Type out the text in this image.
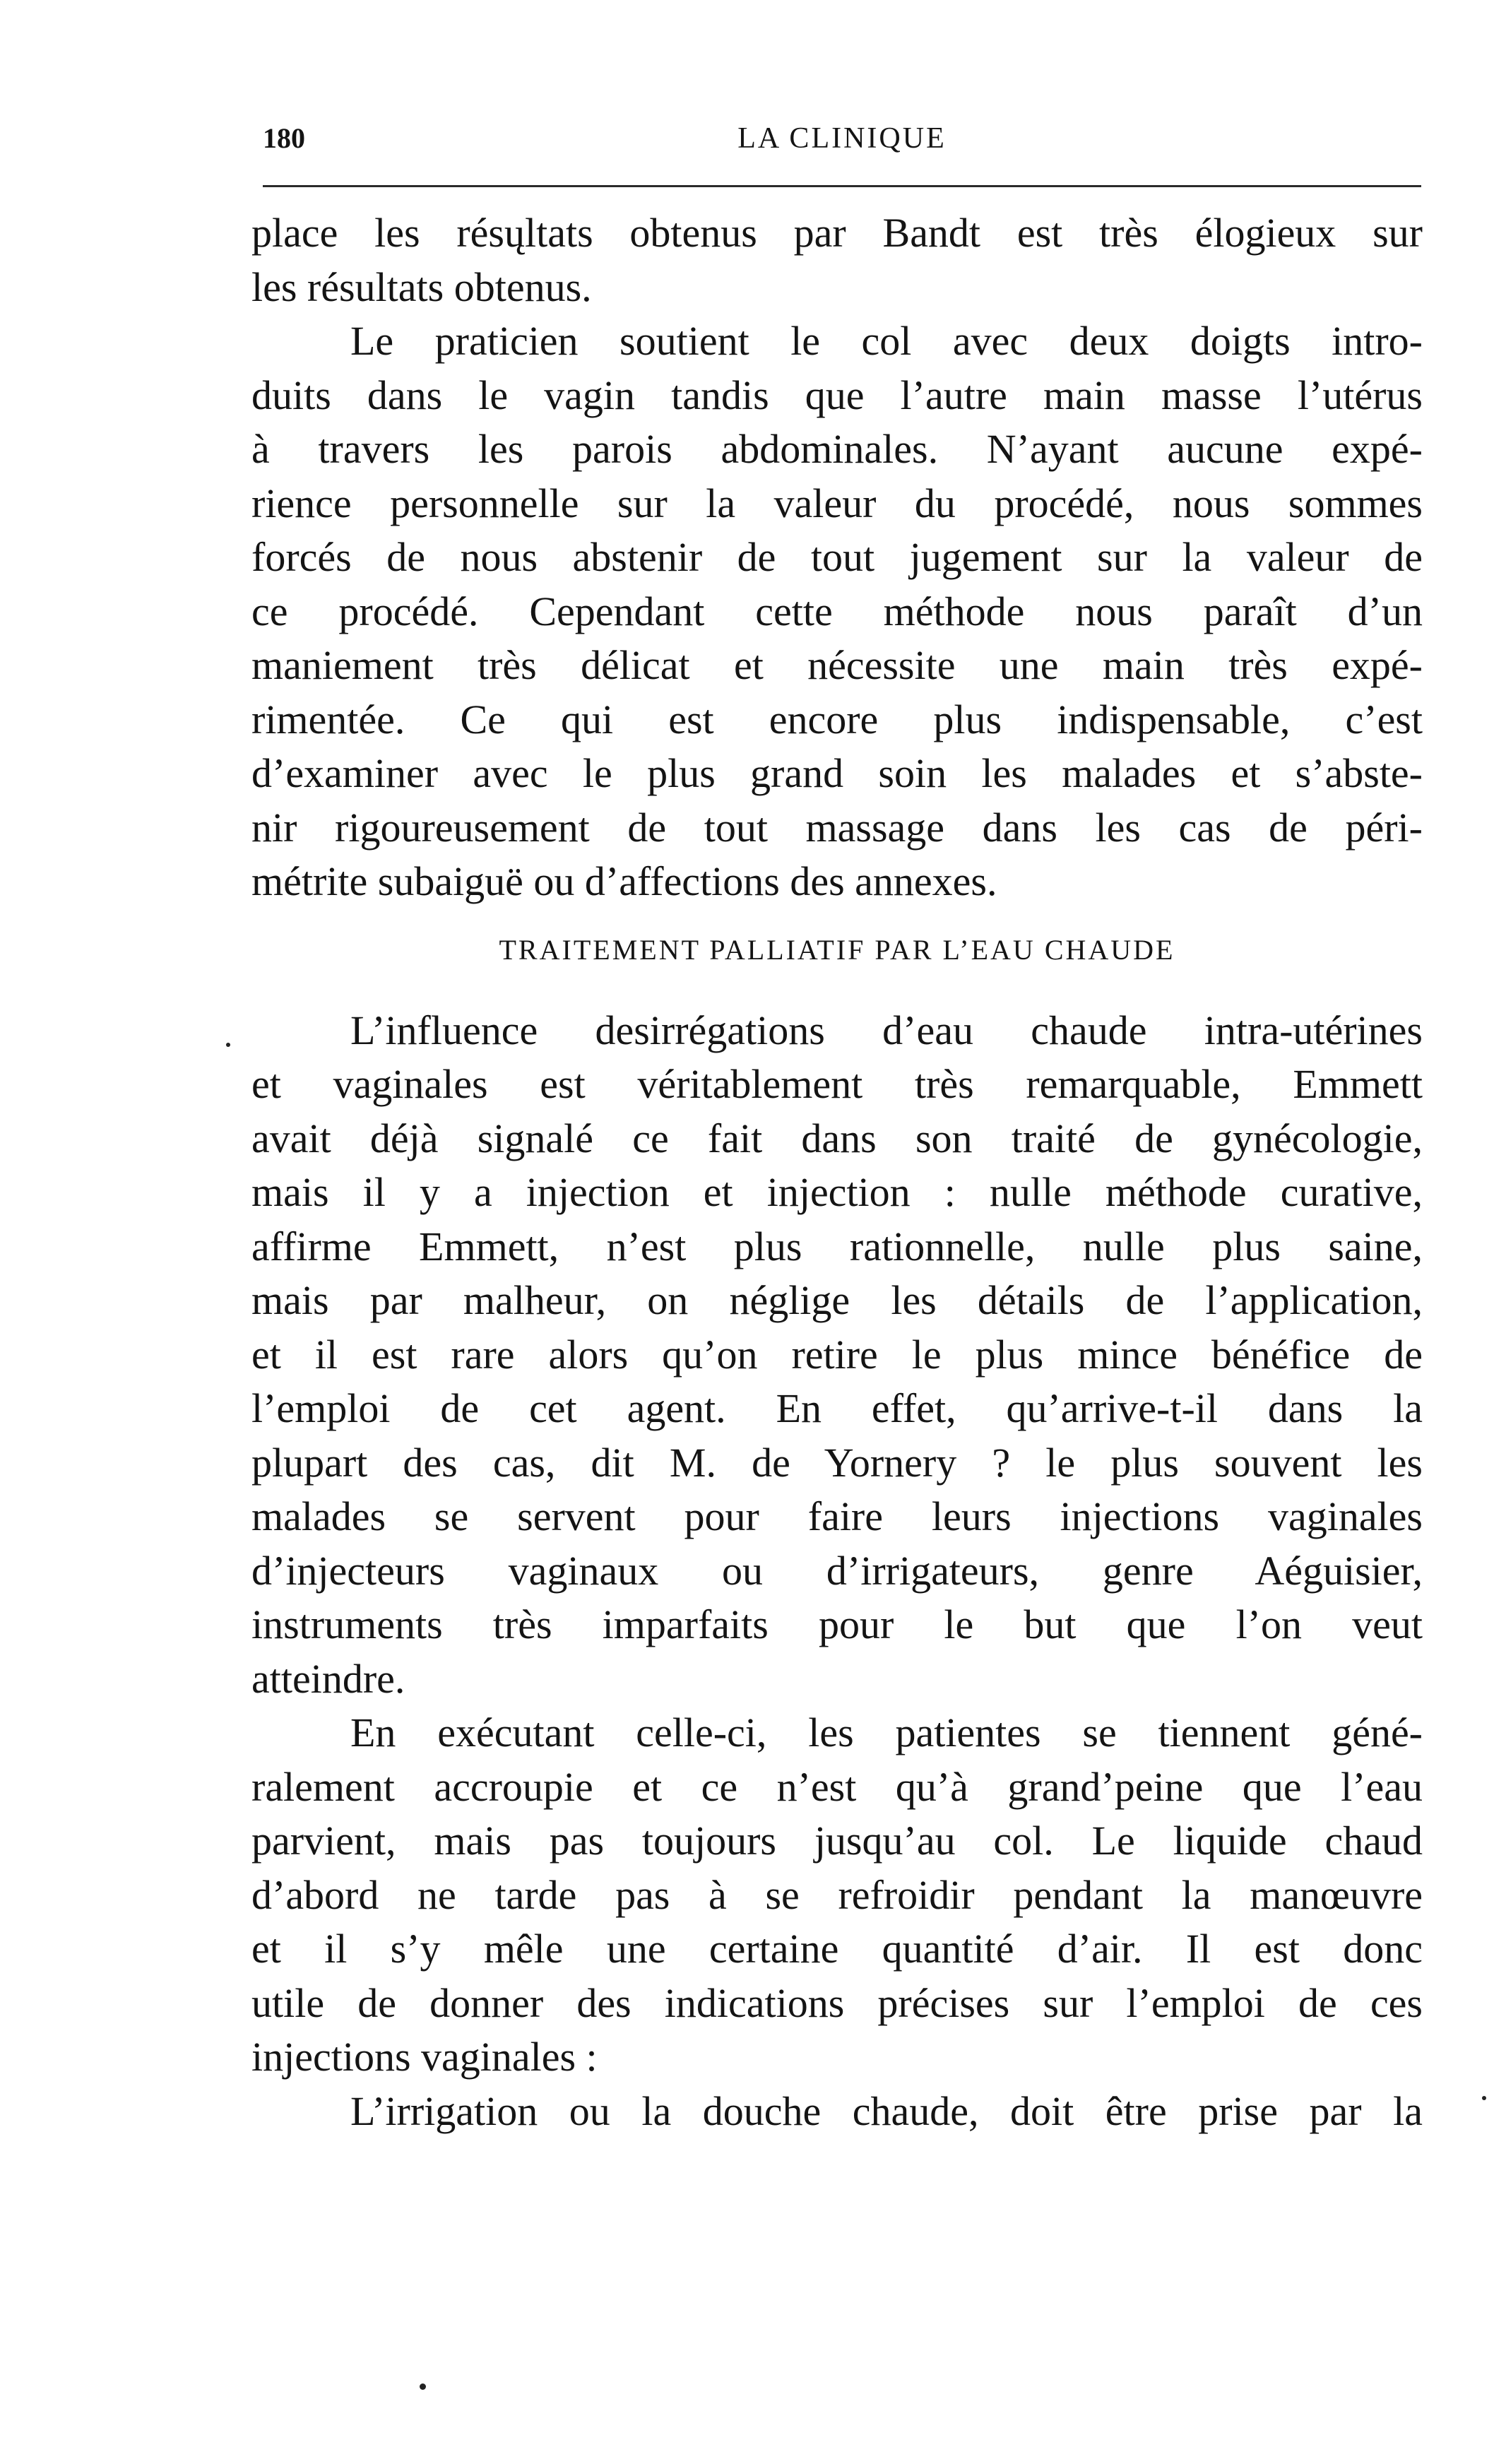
180	LA CLINIQUE
place les résųltats obtenus par Bandt est très élogieux sur
les résultats obtenus.
Le praticien soutient le col avec deux doigts intro-
duits dans le vagin tandis que l’autre main masse l’utérus
à travers les parois abdominales. N’ayant aucune expé-
rience personnelle sur la valeur du procédé, nous sommes
forcés de nous abstenir de tout jugement sur la valeur de
ce procédé. Cependant cette méthode nous paraît d’un
maniement très délicat et nécessite une main très expé-
rimentée. Ce qui est encore plus indispensable, c’est
d’examiner avec le plus grand soin les malades et s’abste-
nir rigoureusement de tout massage dans les cas de péri-
métrite subaiguë ou d’affections des annexes.
TRAITEMENT PALLIATIF PAR L’EAU CHAUDE
L’influence desirrégations d’eau chaude intra-utérines
et vaginales est véritablement très remarquable, Emmett
avait déjà signalé ce fait dans son traité de gynécologie,
mais il y a injection et injection : nulle méthode curative,
affirme Emmett, n’est plus rationnelle, nulle plus saine,
mais par malheur, on néglige les détails de l’application,
et il est rare alors qu’on retire le plus mince bénéfice de
l’emploi de cet agent. En effet, qu’arrive-t-il dans la
plupart des cas, dit M. de Yornery ? le plus souvent les
malades se servent pour faire leurs injections vaginales
d’injecteurs vaginaux ou d’irrigateurs, genre Aéguisier,
instruments très imparfaits pour le but que l’on veut
atteindre.
En exécutant celle-ci, les patientes se tiennent géné-
ralement accroupie et ce n’est qu’à grand’peine que l’eau
parvient, mais pas toujours jusqu’au col. Le liquide chaud
d’abord ne tarde pas à se refroidir pendant la manœuvre
et il s’y mêle une certaine quantité d’air. Il est donc
utile de donner des indications précises sur l’emploi de ces
injections vaginales :
L’irrigation ou la douche chaude, doit être prise par la
